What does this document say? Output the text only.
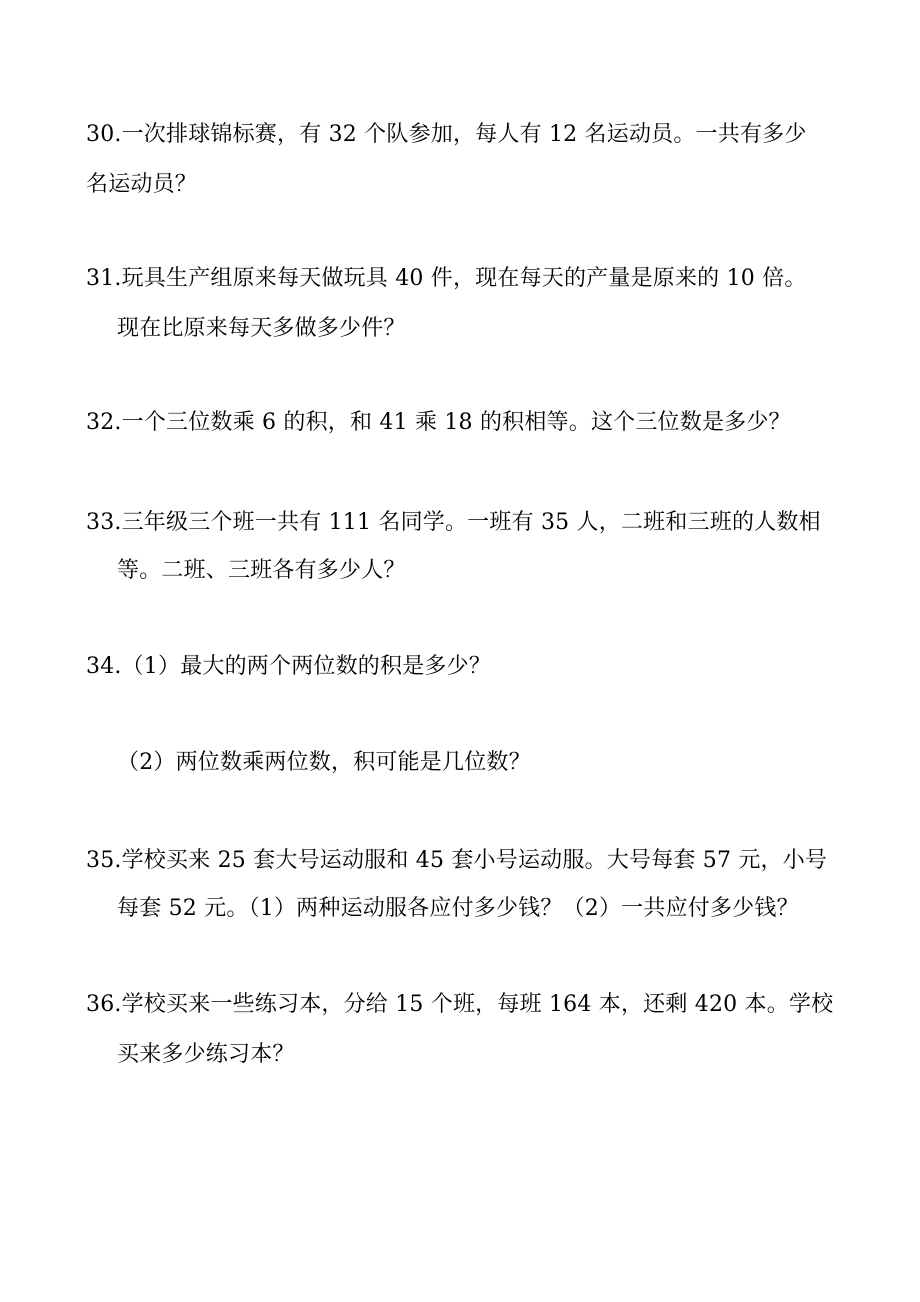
30.一次排球锦标赛，有 32 个队参加，每人有 12 名运动员。一共有多少
名运动员？
31.玩具生产组原来每天做玩具 40 件，现在每天的产量是原来的 10 倍。
现在比原来每天多做多少件？
32.一个三位数乘 6 的积，和 41 乘 18 的积相等。这个三位数是多少？
33.三年级三个班一共有 111 名同学。一班有 35 人，二班和三班的人数相
等。二班、三班各有多少人？
34.（1）最大的两个两位数的积是多少？
（2）两位数乘两位数，积可能是几位数？
35.学校买来 25 套大号运动服和 45 套小号运动服。大号每套 57 元，小号
每套 52 元。（1）两种运动服各应付多少钱？（2）一共应付多少钱？
36.学校买来一些练习本，分给 15 个班，每班 164 本，还剩 420 本。学校
买来多少练习本？
